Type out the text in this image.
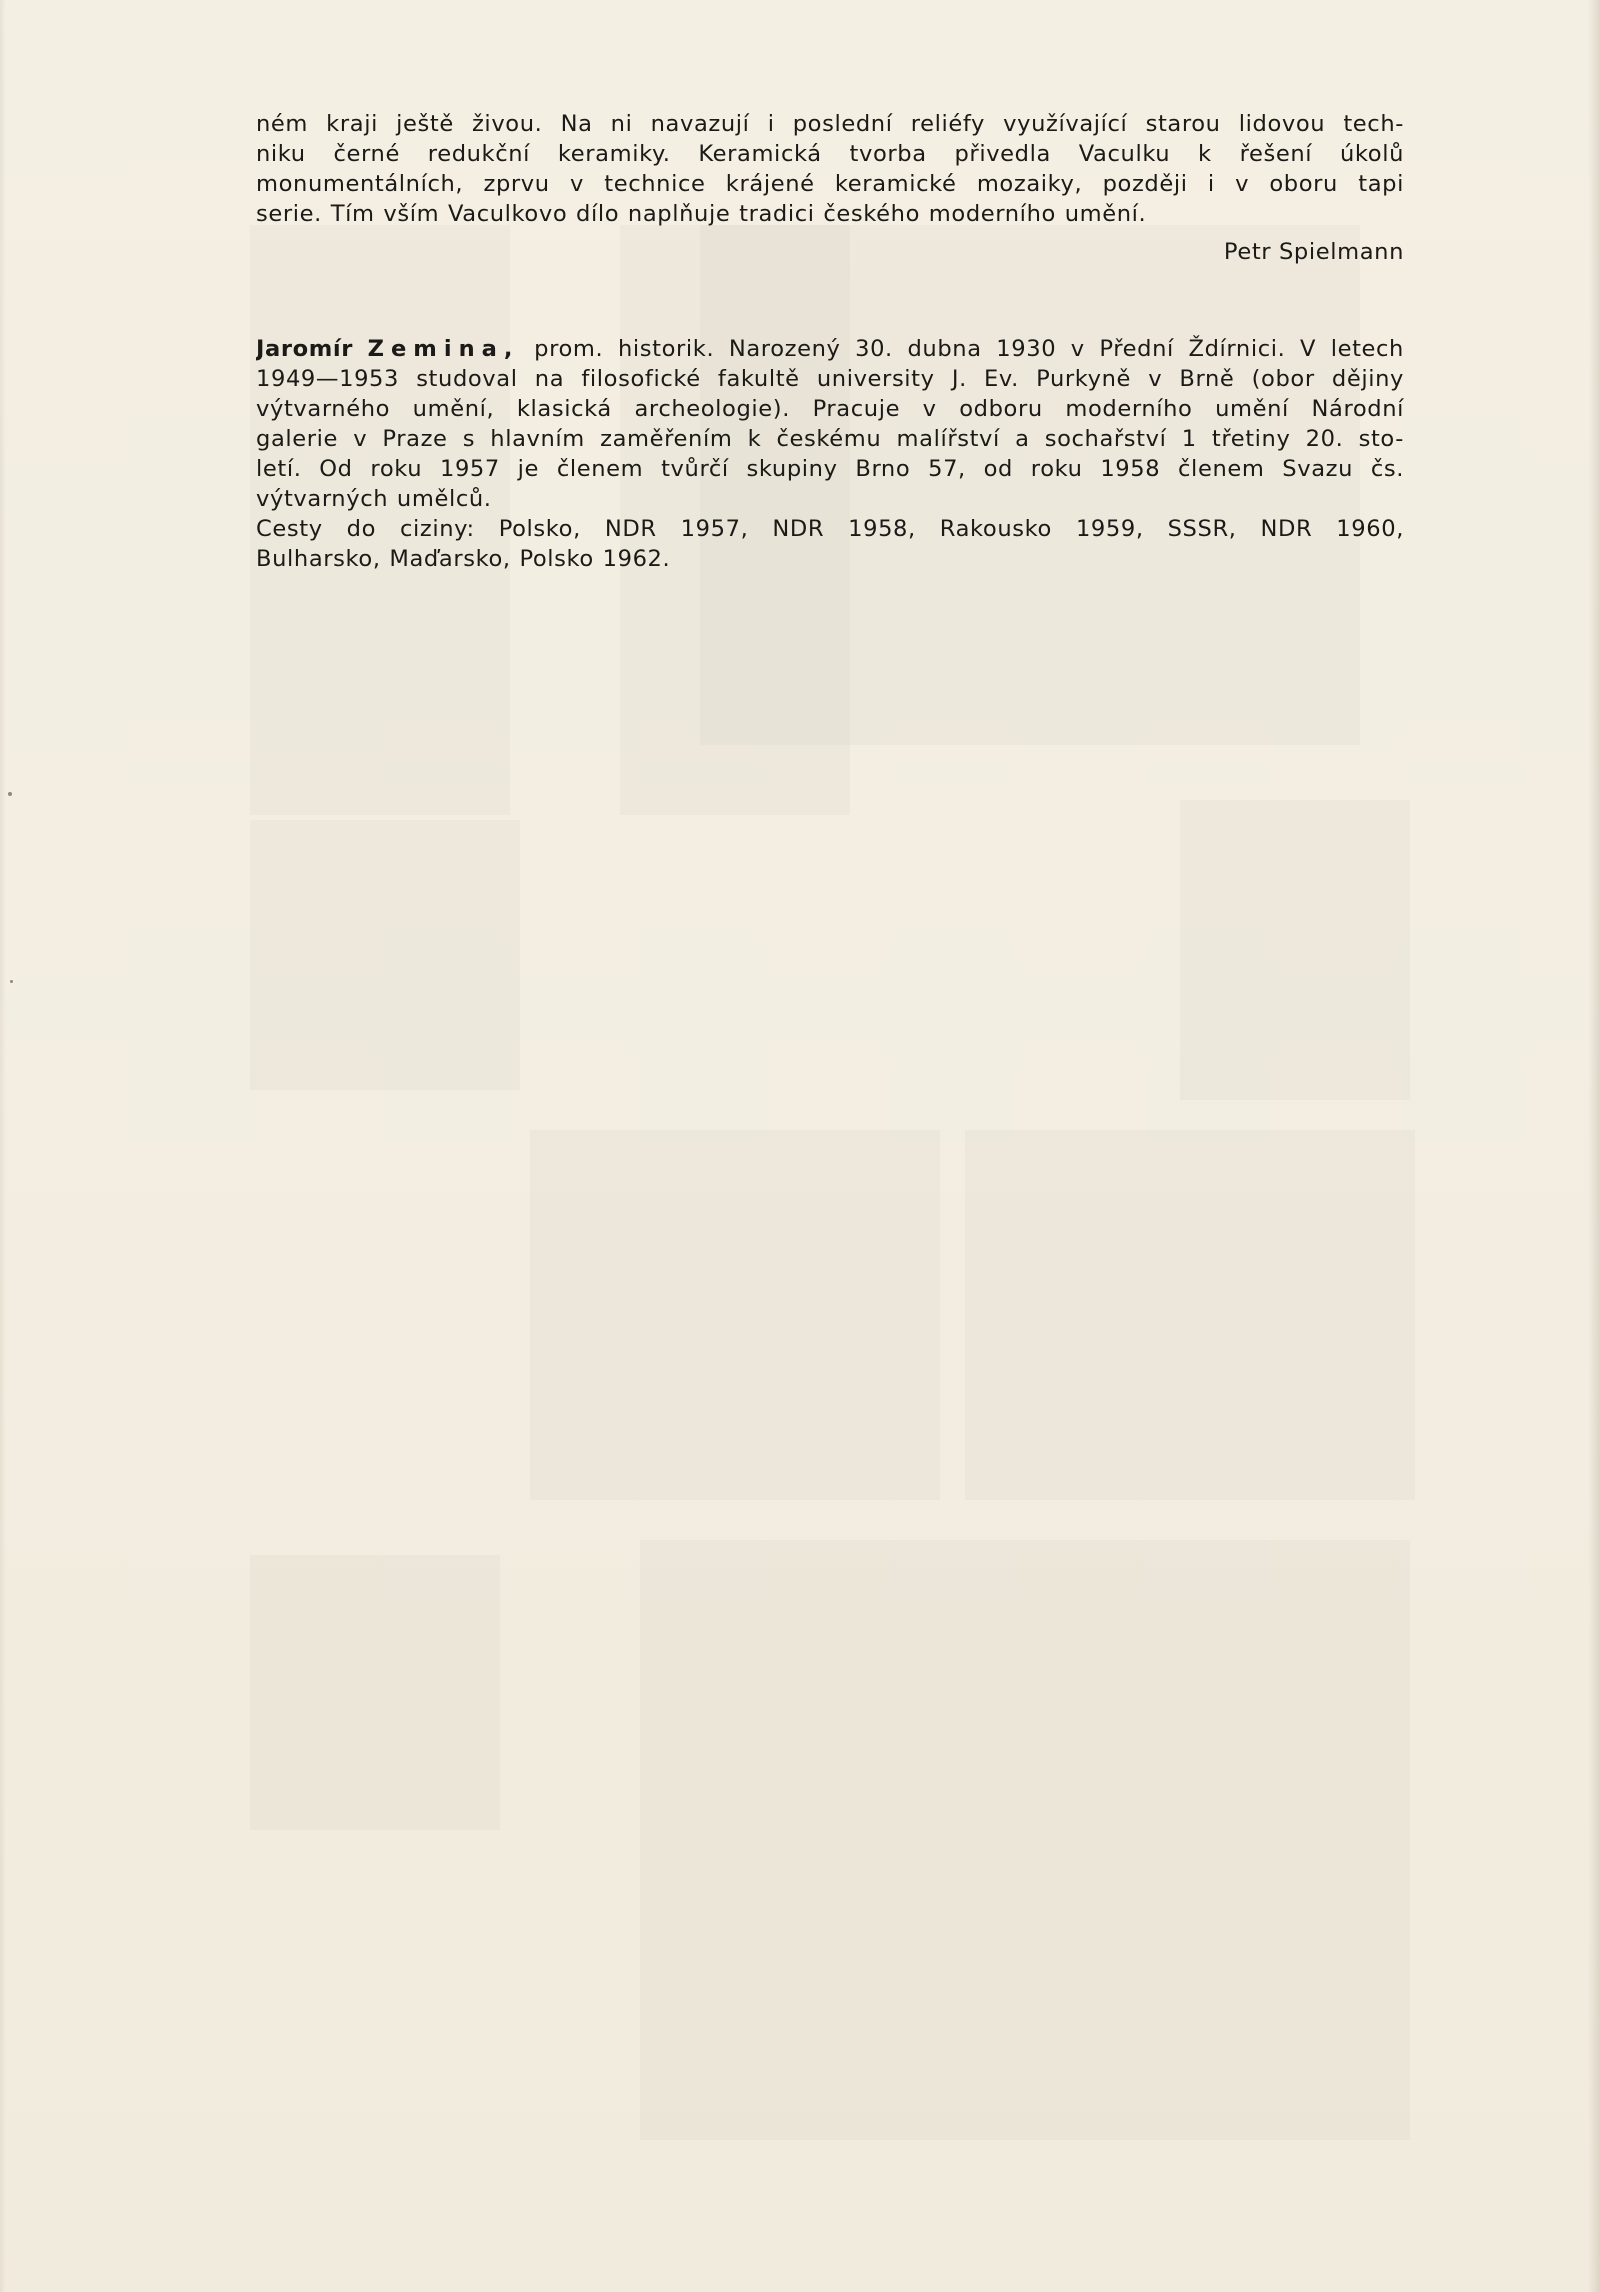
ném kraji ještě živou. Na ni navazují i poslední reliéfy využívající starou lidovou tech-
niku černé redukční keramiky. Keramická tvorba přivedla Vaculku k řešení úkolů
monumentálních, zprvu v technice krájené keramické mozaiky, později i v oboru tapi
serie. Tím vším Vaculkovo dílo naplňuje tradici českého moderního umění.
Petr Spielmann
Jaromír Zemina, prom. historik. Narozený 30. dubna 1930 v Přední Ždírnici. V letech
1949—1953 studoval na filosofické fakultě university J. Ev. Purkyně v Brně (obor dějiny
výtvarného umění, klasická archeologie). Pracuje v odboru moderního umění Národní
galerie v Praze s hlavním zaměřením k českému malířství a sochařství 1 třetiny 20. sto-
letí. Od roku 1957 je členem tvůrčí skupiny Brno 57, od roku 1958 členem Svazu čs.
výtvarných umělců.
Cesty do ciziny: Polsko, NDR 1957, NDR 1958, Rakousko 1959, SSSR, NDR 1960,
Bulharsko, Maďarsko, Polsko 1962.
